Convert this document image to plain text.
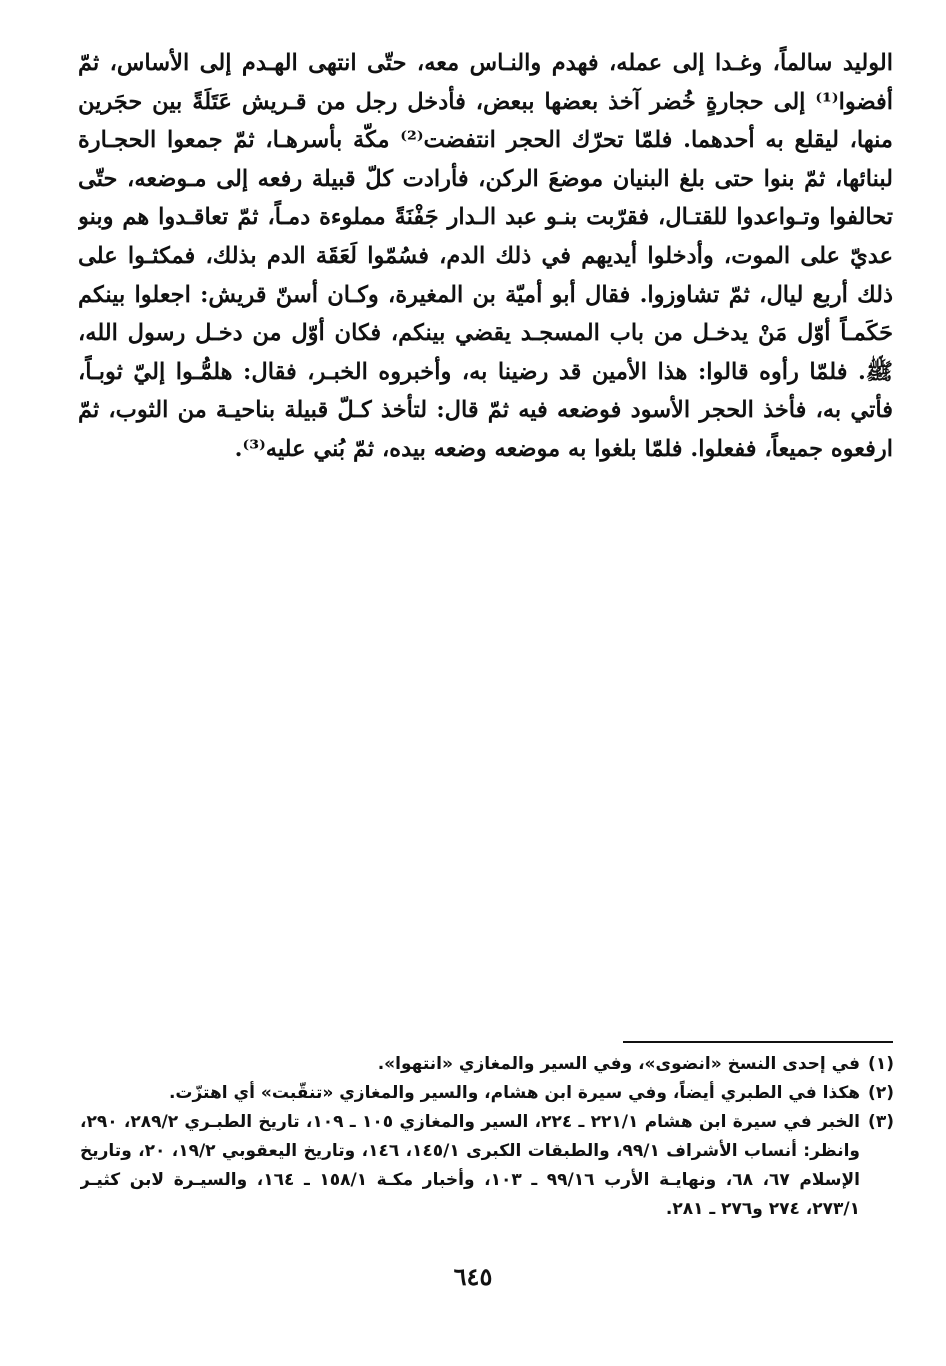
الوليد سالماً، وغـدا إلى عمله، فهدم والنـاس معه، حتّى انتهى الهـدم إلى الأساس، ثمّ
أفضوا⁽¹⁾ إلى حجارةٍ خُضر آخذ بعضها ببعض، فأدخل رجل من قـريش عَتَلَةً بين حجَرين
منها، ليقلع به أحدهما. فلمّا تحرّك الحجر انتفضت⁽²⁾ مكّة بأسرهـا، ثمّ جمعوا الحجـارة
لبنائها، ثمّ بنوا حتى بلغ البنيان موضعَ الركن، فأرادت كلّ قبيلة رفعه إلى مـوضعه، حتّى
تحالفوا وتـواعدوا للقتـال، فقرّبت بنـو عبد الـدار جَفْنَةً مملوءة دمـاً، ثمّ تعاقـدوا هم وبنو
عديّ على الموت، وأدخلوا أيديهم في ذلك الدم، فسُمّوا لَعَقَة الدم بذلك، فمكثـوا على
ذلك أربع ليال، ثمّ تشاوزوا. فقال أبو أميّة بن المغيرة، وكـان أسنّ قريش: اجعلوا بينكم
حَكَمـاً أوّل مَنْ يدخـل من باب المسجـد يقضي بينكم، فكان أوّل من دخـل رسول الله،
ﷺ. فلمّا رأوه قالوا: هذا الأمين قد رضينا به، وأخبروه الخبـر، فقال: هلمُّـوا إليّ ثوبـاً،
فأتي به، فأخذ الحجر الأسود فوضعه فيه ثمّ قال: لتأخذ كـلّ قبيلة بناحيـة من الثوب، ثمّ
ارفعوه جميعاً، ففعلوا. فلمّا بلغوا به موضعه وضعه بيده، ثمّ بُني عليه⁽³⁾.
(١)
في إحدى النسخ «انضوى»، وفي السير والمغازي «انتهوا».
(٢)
هكذا في الطبري أيضاً، وفي سيرة ابن هشام، والسير والمغازي «تنقّبت» أي اهتزّت.
(٣)
الخبر في سيرة ابن هشام ٢٢١/١ ـ ٢٢٤، السير والمغازي ١٠٥ ـ ١٠٩، تاريخ الطبـري ٢٨٩/٢، ٢٩٠،
وانظر: أنساب الأشراف ٩٩/١، والطبقات الكبرى ١٤٥/١، ١٤٦، وتاريخ اليعقوبي ١٩/٢، ٢٠، وتاريخ
الإسلام ٦٧، ٦٨، ونهايـة الأرب ٩٩/١٦ ـ ١٠٣، وأخبار مكـة ١٥٨/١ ـ ١٦٤، والسيـرة لابن كثيـر
٢٧٣/١، ٢٧٤ و٢٧٦ ـ ٢٨١.
٦٤٥
